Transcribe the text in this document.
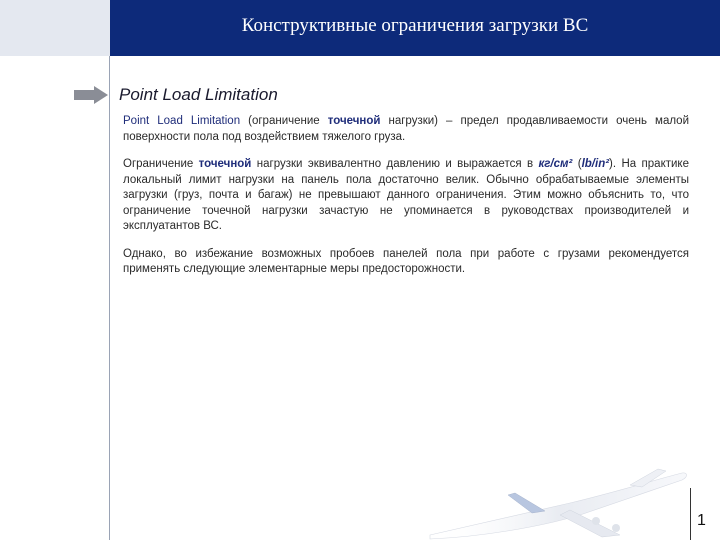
Конструктивные ограничения загрузки ВС
Point Load Limitation

Point Load Limitation (ограничение точечной нагрузки) – предел продавливаемости очень малой поверхности пола под воздействием тяжелого груза.

Ограничение точечной нагрузки эквивалентно давлению и выражается в кг/см² (lb/in²). На практике локальный лимит нагрузки на панель пола достаточно велик. Обычно обрабатываемые элементы загрузки (груз, почта и багаж) не превышают данного ограничения. Этим можно объяснить то, что ограничение точечной нагрузки зачастую не упоминается в руководствах производителей и эксплуатантов ВС.

Однако, во избежание возможных пробоев панелей пола при работе с грузами рекомендуется применять следующие элементарные меры предосторожности.

1
